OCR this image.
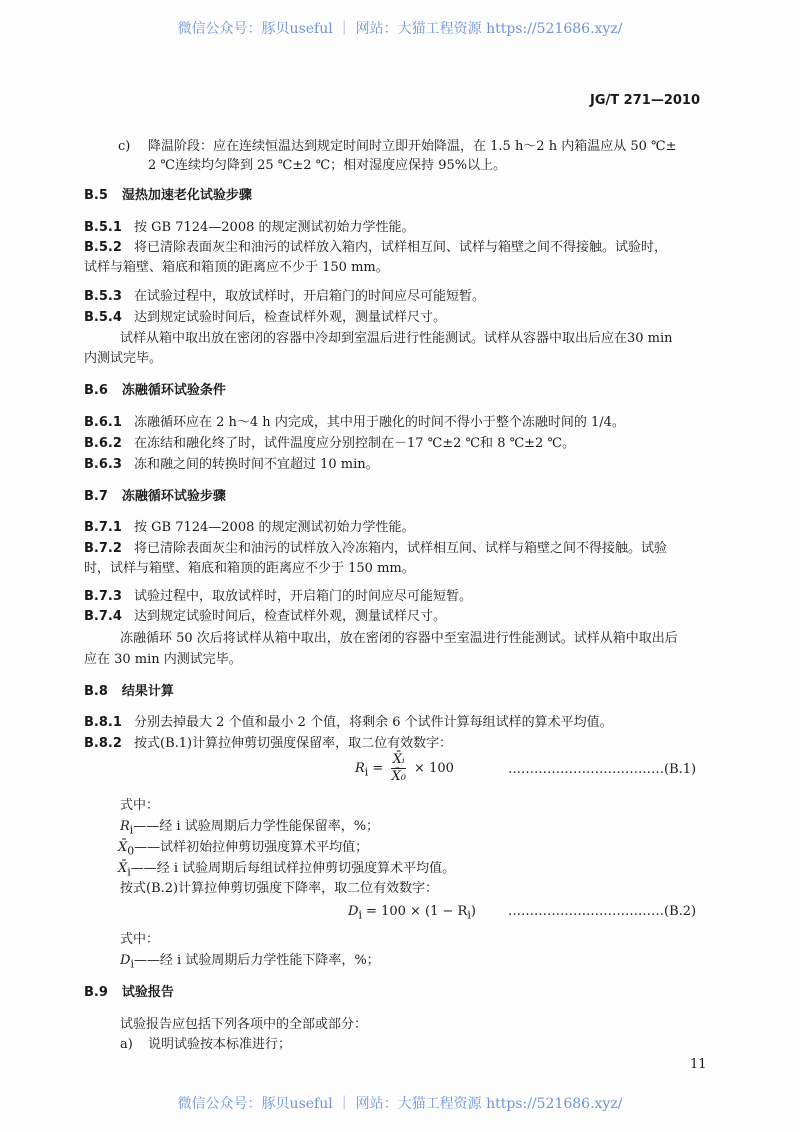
微信公众号：豚贝useful ｜ 网站：大猫工程资源 https://521686.xyz/
JG/T 271—2010
c) 降温阶段：应在连续恒温达到规定时间时立即开始降温，在 1.5 h～2 h 内箱温应从 50 ℃±
2 ℃连续均匀降到 25 ℃±2 ℃；相对湿度应保持 95%以上。
B.5 湿热加速老化试验步骤
B.5.1 按 GB 7124—2008 的规定测试初始力学性能。
B.5.2 将已清除表面灰尘和油污的试样放入箱内，试样相互间、试样与箱壁之间不得接触。试验时，
试样与箱壁、箱底和箱顶的距离应不少于 150 mm。
B.5.3 在试验过程中，取放试样时，开启箱门的时间应尽可能短暂。
B.5.4 达到规定试验时间后，检查试样外观，测量试样尺寸。
试样从箱中取出放在密闭的容器中冷却到室温后进行性能测试。试样从容器中取出后应在30 min
内测试完毕。
B.6 冻融循环试验条件
B.6.1 冻融循环应在 2 h～4 h 内完成，其中用于融化的时间不得小于整个冻融时间的 1/4。
B.6.2 在冻结和融化终了时，试件温度应分别控制在－17 ℃±2 ℃和 8 ℃±2 ℃。
B.6.3 冻和融之间的转换时间不宜超过 10 min。
B.7 冻融循环试验步骤
B.7.1 按 GB 7124—2008 的规定测试初始力学性能。
B.7.2 将已清除表面灰尘和油污的试样放入冷冻箱内，试样相互间、试样与箱壁之间不得接触。试验
时，试样与箱壁、箱底和箱顶的距离应不少于 150 mm。
B.7.3 试验过程中，取放试样时，开启箱门的时间应尽可能短暂。
B.7.4 达到规定试验时间后，检查试样外观，测量试样尺寸。
冻融循环 50 次后将试样从箱中取出，放在密闭的容器中至室温进行性能测试。试样从箱中取出后
应在 30 min 内测试完毕。
B.8 结果计算
B.8.1 分别去掉最大 2 个值和最小 2 个值，将剩余 6 个试件计算每组试样的算术平均值。
B.8.2 按式(B.1)计算拉伸剪切强度保留率，取二位有效数字：
$R_i = \frac{\text{X̄ᵢ}}{\text{X̄₀}} \times 100$	………………………………(B.1)
式中：
$R_i——$经 i 试验周期后力学性能保留率，%；
$X̄_0——$试样初始拉伸剪切强度算术平均值；
$X̄_i——$经 i 试验周期后每组试样拉伸剪切强度算术平均值。
按式(B.2)计算拉伸剪切强度下降率，取二位有效数字：
$D_i = 100 \times (1 - R_i)$ ………………………………(B.2)
式中：
$D_i——$经 i 试验周期后力学性能下降率，%；
B.9 试验报告
试验报告应包括下列各项中的全部或部分：
a) 说明试验按本标准进行；
11
微信公众号：豚贝useful ｜ 网站：大猫工程资源 https://521686.xyz/
